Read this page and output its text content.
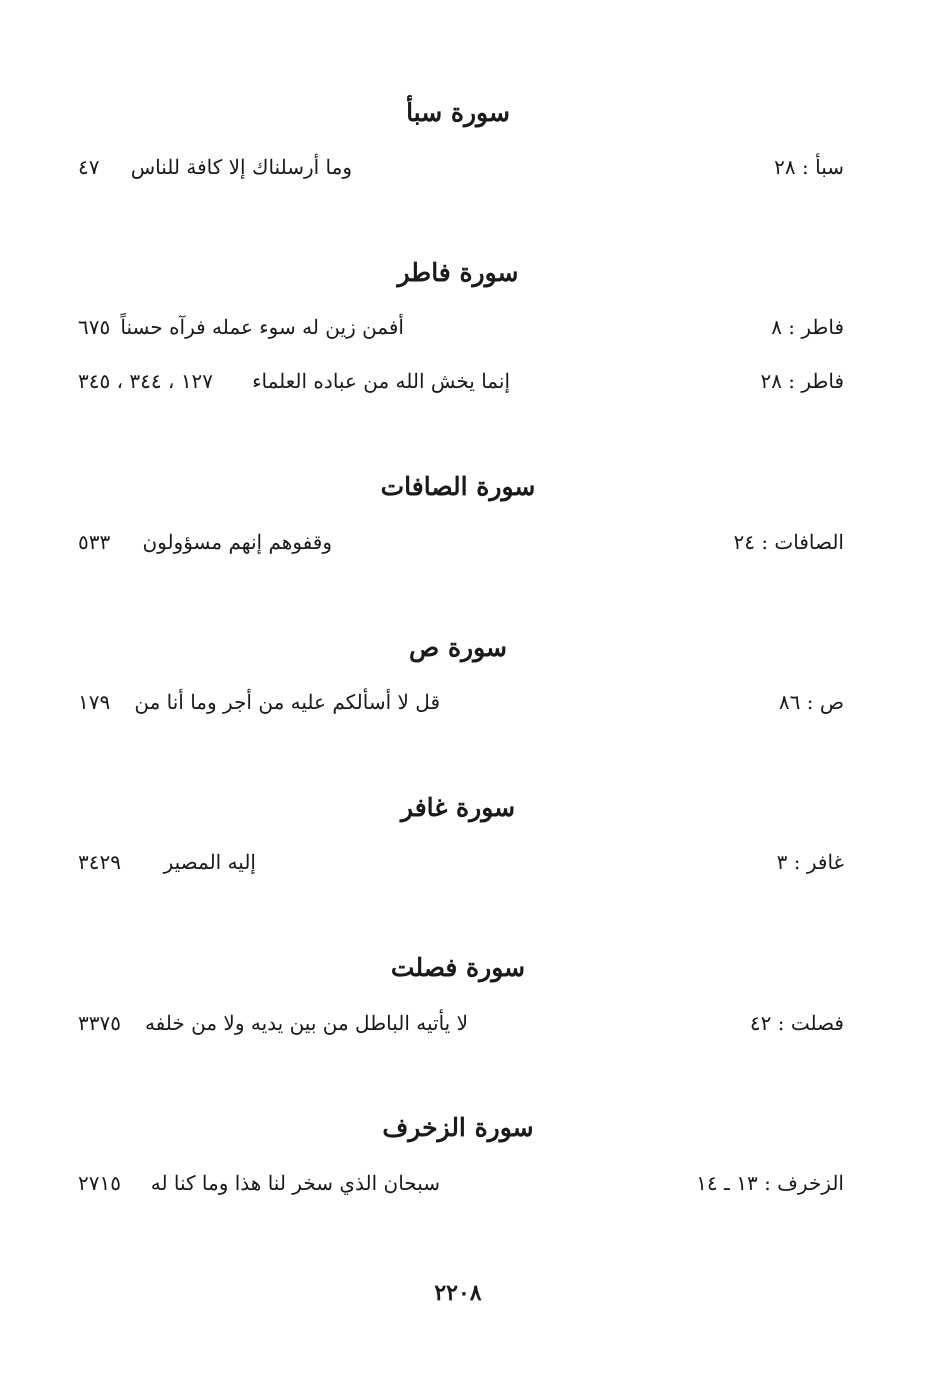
سورة سبأ
سبأ : ٢٨
وما أرسلناك إلا كافة للناس
٤٧
سورة فاطر
فاطر : ٨
أفمن زين له سوء عمله فرآه حسناً
٦٧٥
فاطر : ٢٨
إنما يخش الله من عباده العلماء
١٢٧ ، ٣٤٤ ، ٣٤٥
سورة الصافات
الصافات : ٢٤
وقفوهم إنهم مسؤولون
٥٣٣
سورة ص
ص : ٨٦
قل لا أسألكم عليه من أجر وما أنا من
١٧٩
سورة غافر
غافر : ٣
إليه المصير
٣٤٢٩
سورة فصلت
فصلت : ٤٢
لا يأتيه الباطل من بين يديه ولا من خلفه
٣٣٧٥
سورة الزخرف
الزخرف : ١٣ ـ ١٤
سبحان الذي سخر لنا هذا وما كنا له
٢٧١٥
٢٢٠٨
